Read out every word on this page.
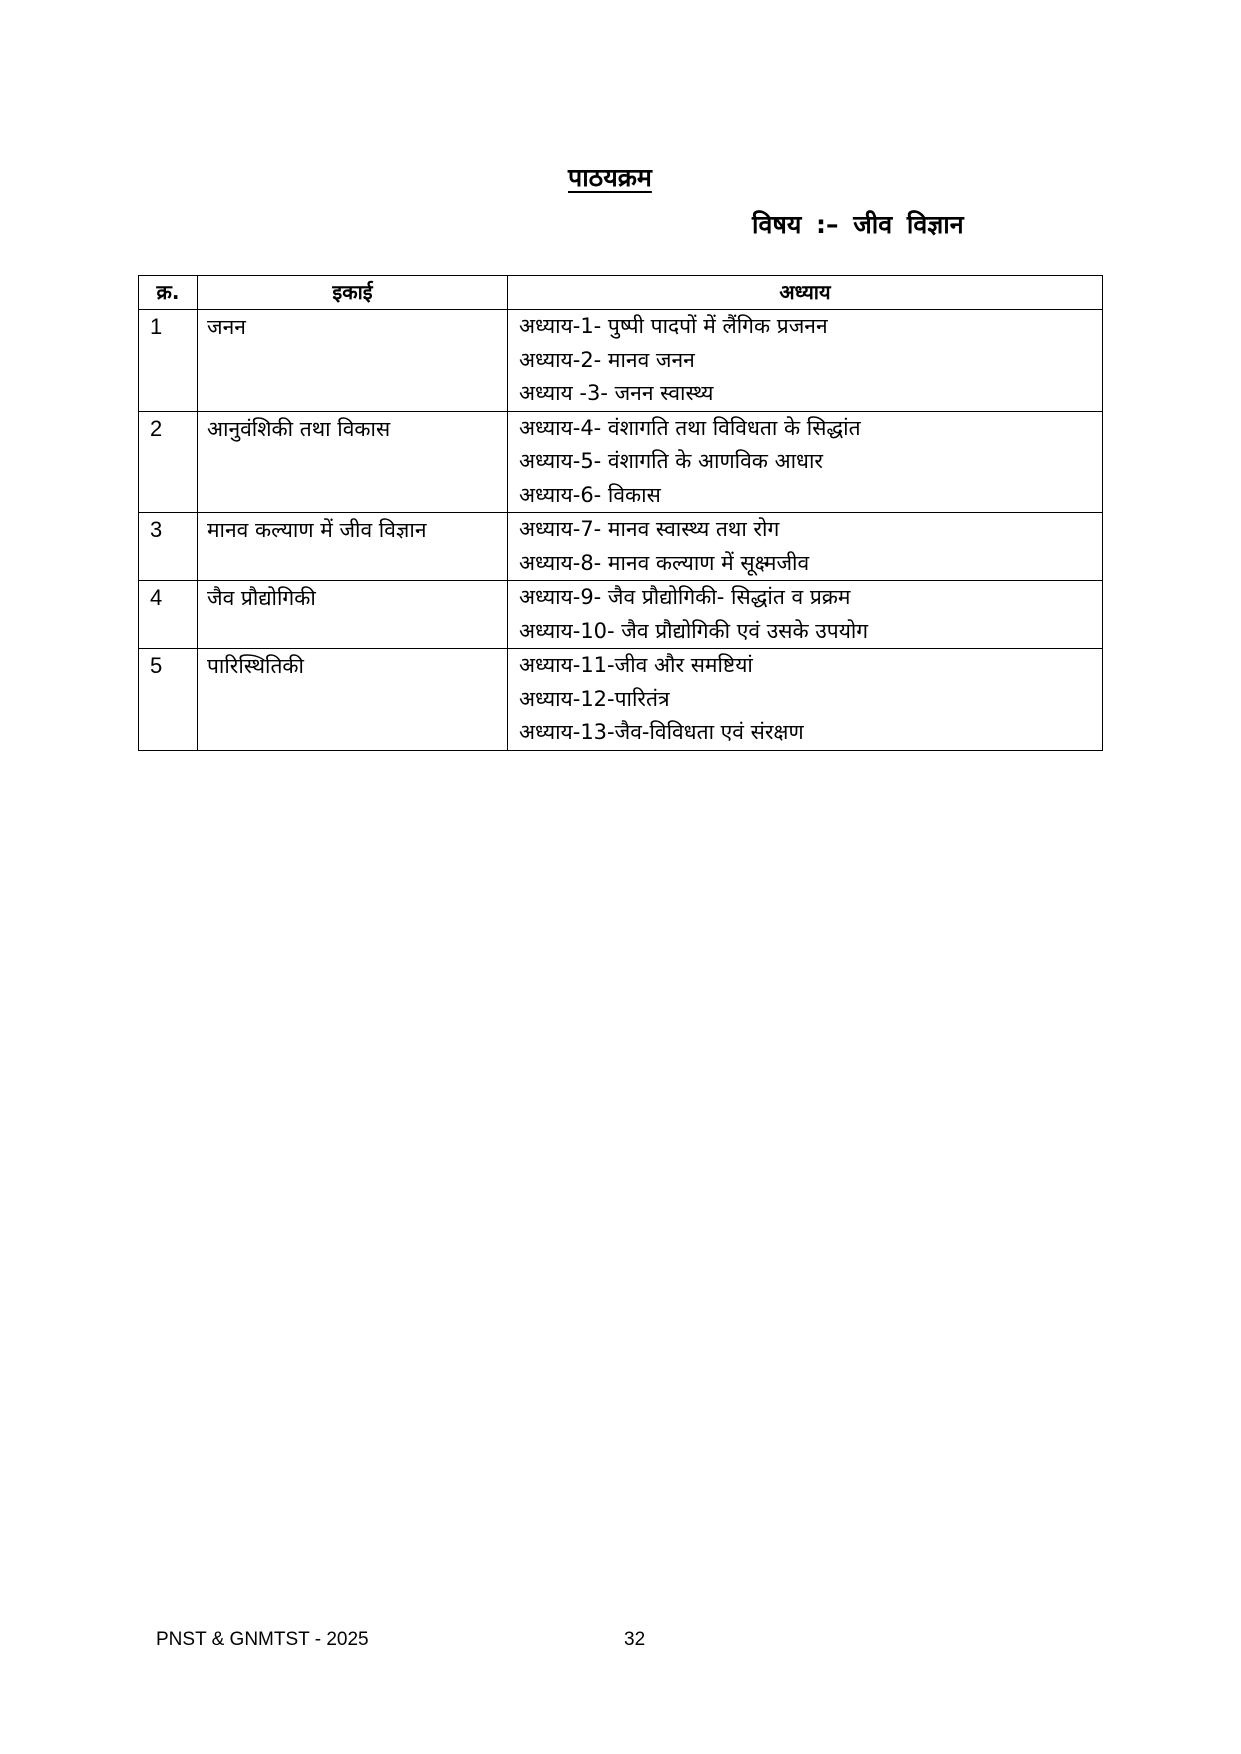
पाठयक्रम
विषय :– जीव विज्ञान
क्र.	इकाई	अध्याय
1	जनन	अध्याय-1- पुष्पी पादपों में लैंगिक प्रजनन
अध्याय-2- मानव जनन
अध्याय -3- जनन स्वास्थ्य

2	आनुवंशिकी तथा विकास	अध्याय-4- वंशागति तथा विविधता के सिद्धांत
अध्याय-5- वंशागति के आणविक आधार
अध्याय-6- विकास

3	मानव कल्याण में जीव विज्ञान	अध्याय-7- मानव स्वास्थ्य तथा रोग
अध्याय-8- मानव कल्याण में सूक्ष्मजीव

4	जैव प्रौद्योगिकी	अध्याय-9- जैव प्रौद्योगिकी- सिद्धांत व प्रक्रम
अध्याय-10- जैव प्रौद्योगिकी एवं उसके उपयोग

5	पारिस्थितिकी	अध्याय-11-जीव और समष्टियां
अध्याय-12-पारितंत्र
अध्याय-13-जैव-विविधता एवं संरक्षण
PNST & GNMTST - 2025	32
